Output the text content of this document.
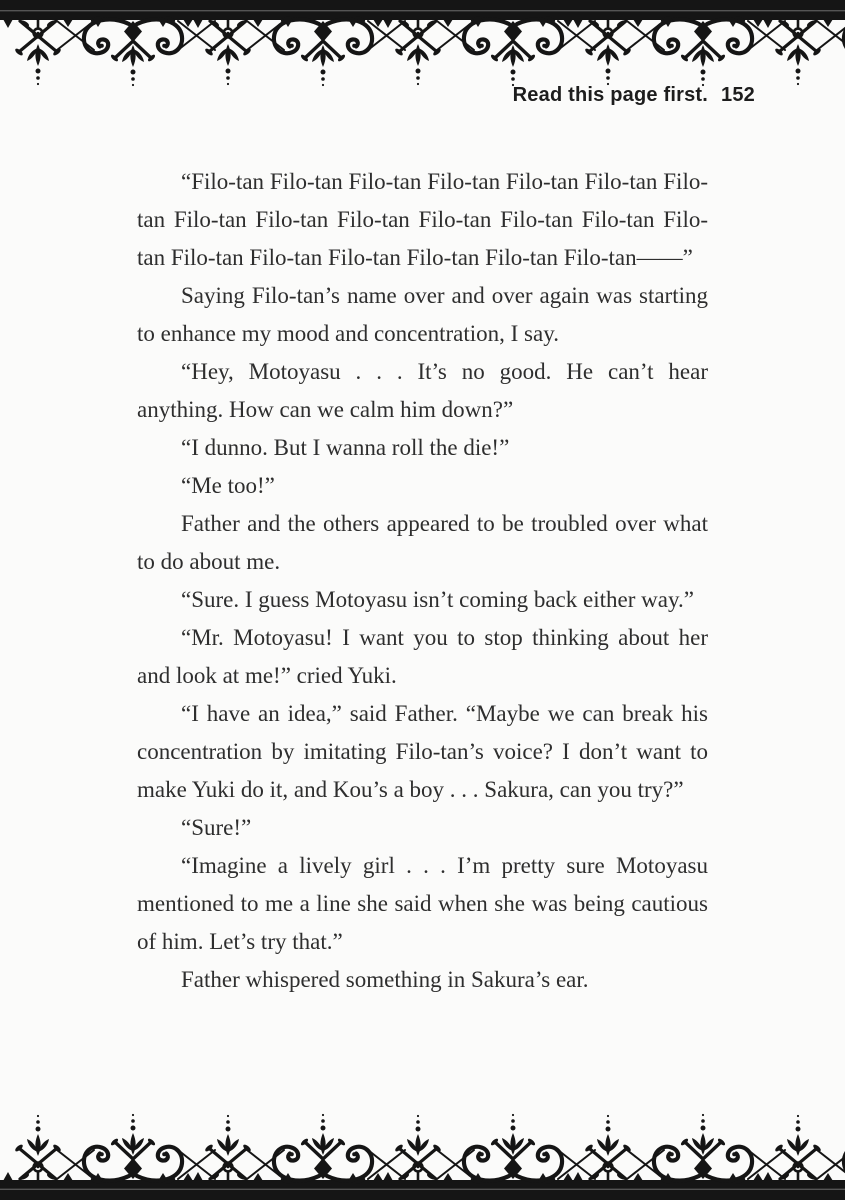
Read this page first. 152

“Filo-tan Filo-tan Filo-tan Filo-tan Filo-tan Filo-tan Filo-tan Filo-tan Filo-tan Filo-tan Filo-tan Filo-tan Filo-tan Filo-tan Filo-tan Filo-tan Filo-tan Filo-tan Filo-tan Filo-tan——”

Saying Filo-tan’s name over and over again was starting to enhance my mood and concentration, I say.

“Hey, Motoyasu . . . It’s no good. He can’t hear anything. How can we calm him down?”

“I dunno. But I wanna roll the die!”

“Me too!”

Father and the others appeared to be troubled over what to do about me.

“Sure. I guess Motoyasu isn’t coming back either way.”

“Mr. Motoyasu! I want you to stop thinking about her and look at me!” cried Yuki.

“I have an idea,” said Father. “Maybe we can break his concentration by imitating Filo-tan’s voice? I don’t want to make Yuki do it, and Kou’s a boy . . . Sakura, can you try?”

“Sure!”

“Imagine a lively girl . . . I’m pretty sure Motoyasu mentioned to me a line she said when she was being cautious of him. Let’s try that.”

Father whispered something in Sakura’s ear.
